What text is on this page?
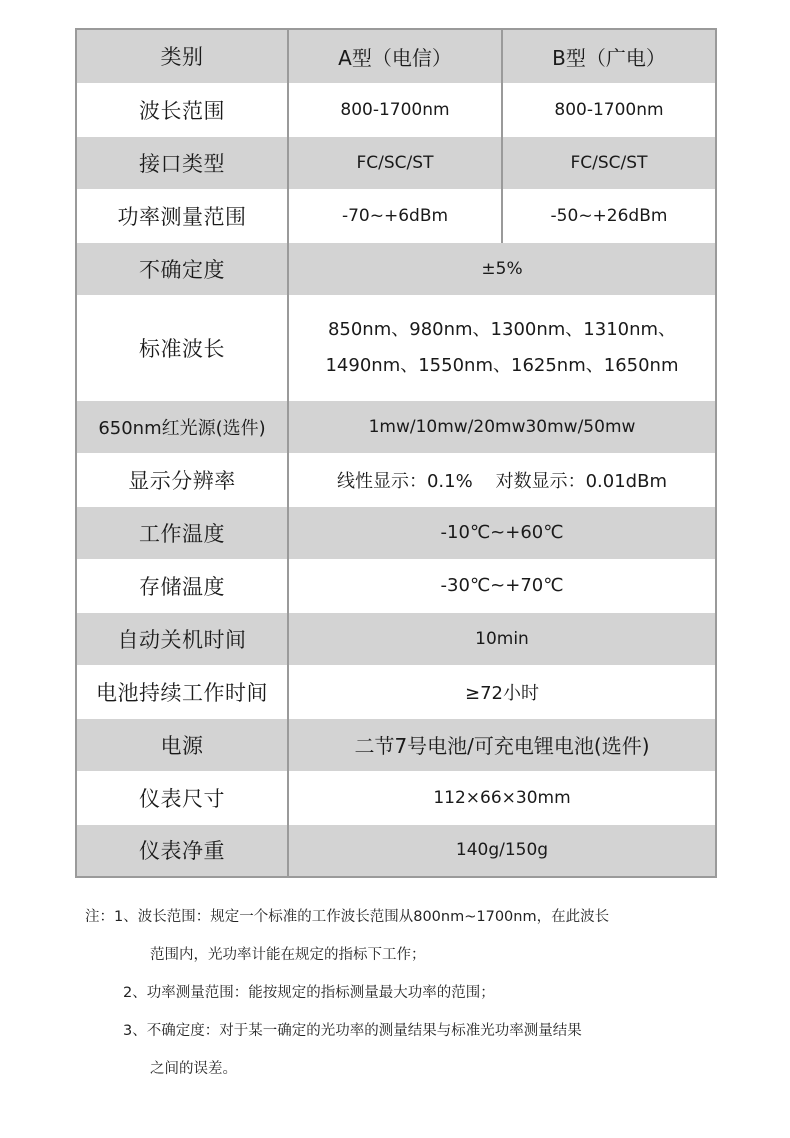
类别	A型（电信）	B型（广电）
波长范围	800-1700nm	800-1700nm
接口类型	FC/SC/ST	FC/SC/ST
功率测量范围	-70~+6dBm	-50~+26dBm
不确定度	±5%	
标准波长	850nm、980nm、1300nm、1310nm、
1490nm、1550nm、1625nm、1650nm	

650nm红光源(选件)	1mw/10mw/20mw30mw/50mw	
显示分辨率	线性显示：0.1%    对数显示：0.01dBm	
工作温度	-10℃~+60℃	
存储温度	-30℃~+70℃	
自动关机时间	10min	
电池持续工作时间	≥72小时	
电源	二节7号电池/可充电锂电池(选件)	
仪表尺寸	112×66×30mm	
仪表净重	140g/150g	
注：1、波长范围：规定一个标准的工作波长范围从800nm~1700nm，在此波长
范围内，光功率计能在规定的指标下工作；
2、功率测量范围：能按规定的指标测量最大功率的范围；
3、不确定度：对于某一确定的光功率的测量结果与标准光功率测量结果
之间的误差。
